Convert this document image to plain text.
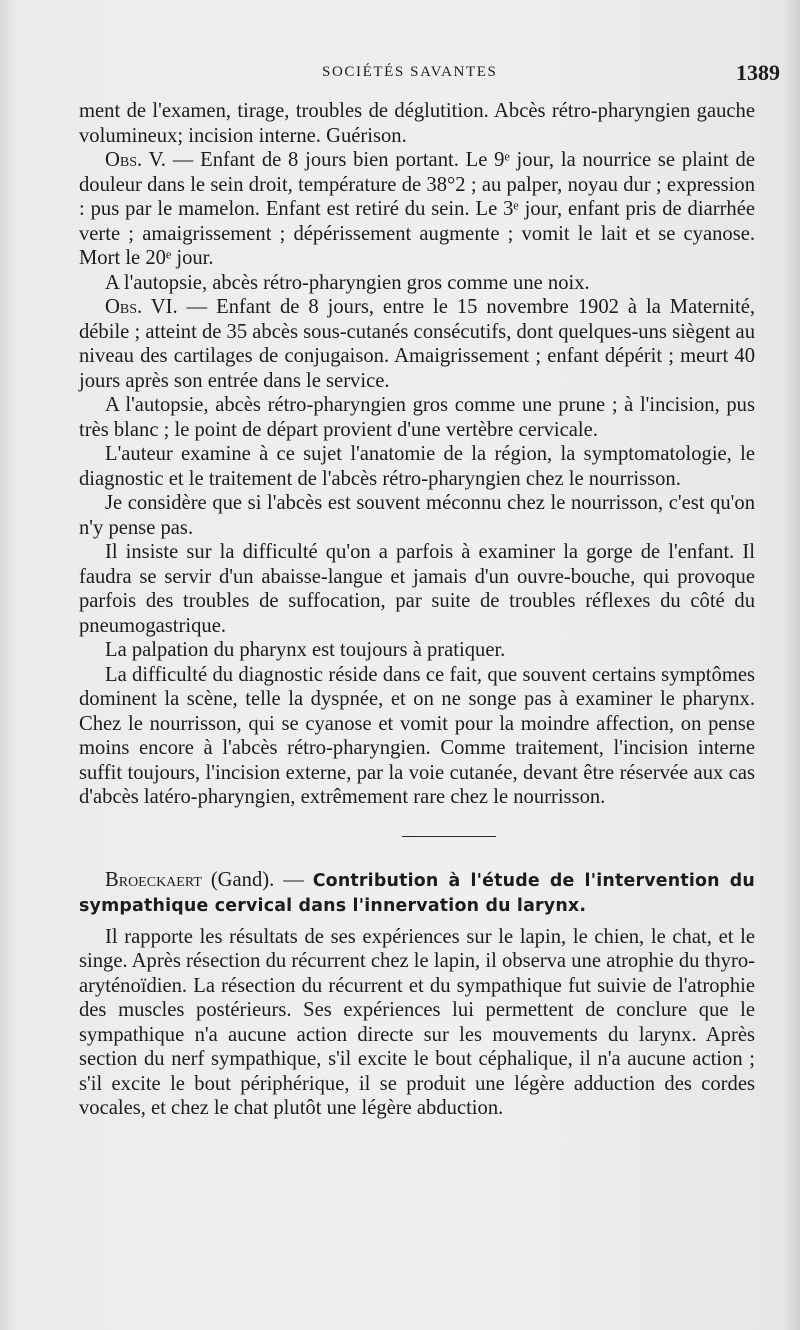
SOCIÉTÉS SAVANTES	1389

ment de l'examen, tirage, troubles de déglutition. Abcès rétro-pharyngien gauche volumineux; incision interne. Guérison.

Obs. V. — Enfant de 8 jours bien portant. Le 9ᵉ jour, la nourrice se plaint de douleur dans le sein droit, température de 38°2 ; au palper, noyau dur ; expression : pus par le mamelon. Enfant est retiré du sein. Le 3ᵉ jour, enfant pris de diarrhée verte ; amaigrissement ; dépérissement augmente ; vomit le lait et se cyanose. Mort le 20ᵉ jour.

A l'autopsie, abcès rétro-pharyngien gros comme une noix.

Obs. VI. — Enfant de 8 jours, entre le 15 novembre 1902 à la Maternité, débile ; atteint de 35 abcès sous-cutanés consécutifs, dont quelques-uns siègent au niveau des cartilages de conjugaison. Amaigrissement ; enfant dépérit ; meurt 40 jours après son entrée dans le service.

A l'autopsie, abcès rétro-pharyngien gros comme une prune ; à l'incision, pus très blanc ; le point de départ provient d'une vertèbre cervicale.

L'auteur examine à ce sujet l'anatomie de la région, la symptomatologie, le diagnostic et le traitement de l'abcès rétro-pharyngien chez le nourrisson.

Je considère que si l'abcès est souvent méconnu chez le nourrisson, c'est qu'on n'y pense pas.

Il insiste sur la difficulté qu'on a parfois à examiner la gorge de l'enfant. Il faudra se servir d'un abaisse-langue et jamais d'un ouvre-bouche, qui provoque parfois des troubles de suffocation, par suite de troubles réflexes du côté du pneumogastrique.

La palpation du pharynx est toujours à pratiquer.

La difficulté du diagnostic réside dans ce fait, que souvent certains symptômes dominent la scène, telle la dyspnée, et on ne songe pas à examiner le pharynx. Chez le nourrisson, qui se cyanose et vomit pour la moindre affection, on pense moins encore à l'abcès rétro-pharyngien. Comme traitement, l'incision interne suffit toujours, l'incision externe, par la voie cutanée, devant être réservée aux cas d'abcès latéro-pharyngien, extrêmement rare chez le nourrisson.

Broeckaert (Gand). — Contribution à l'étude de l'intervention du sympathique cervical dans l'innervation du larynx.

Il rapporte les résultats de ses expériences sur le lapin, le chien, le chat, et le singe. Après résection du récurrent chez le lapin, il observa une atrophie du thyro-aryténoïdien. La résection du récurrent et du sympathique fut suivie de l'atrophie des muscles postérieurs. Ses expériences lui permettent de conclure que le sympathique n'a aucune action directe sur les mouvements du larynx. Après section du nerf sympathique, s'il excite le bout céphalique, il n'a aucune action ; s'il excite le bout périphérique, il se produit une légère adduction des cordes vocales, et chez le chat plutôt une légère abduction.
